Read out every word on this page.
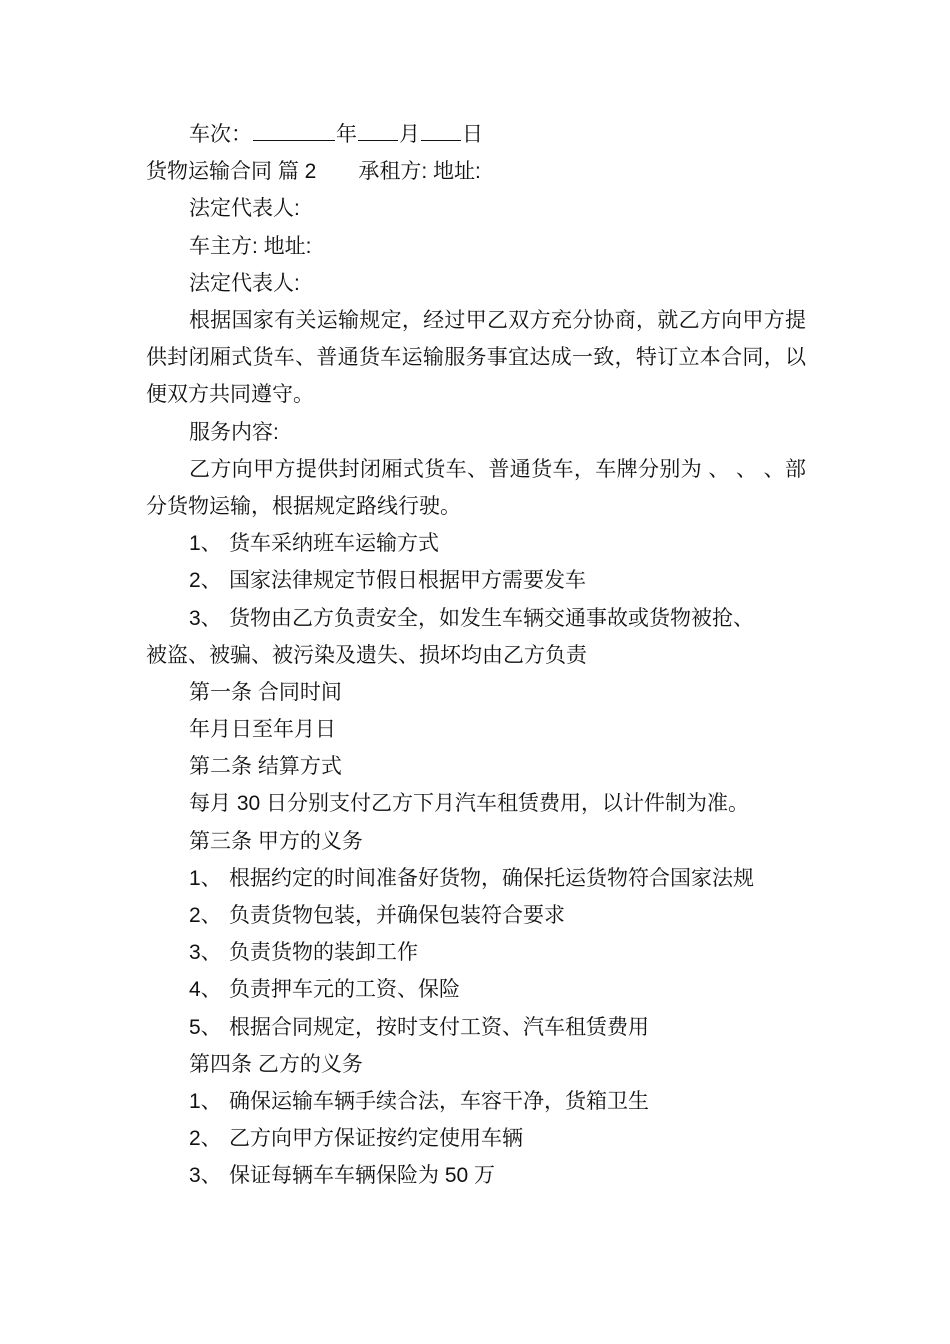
车次：	年 月 日
货物运输合同 篇 2 承租方: 地址:
法定代表人:
车主方: 地址:
法定代表人:
根据国家有关运输规定，经过甲乙双方充分协商，就乙方向甲方提供封闭厢式货车、普通货车运输服务事宜达成一致，特订立本合同，以便双方共同遵守。
服务内容:
乙方向甲方提供封闭厢式货车、普通货车，车牌分别为 、 、 、部分货物运输，根据规定路线行驶。
1、 货车采纳班车运输方式
2、 国家法律规定节假日根据甲方需要发车
3、 货物由乙方负责安全，如发生车辆交通事故或货物被抢、
被盗、被骗、被污染及遗失、损坏均由乙方负责
第一条 合同时间
年月日至年月日
第二条 结算方式
每月 30 日分别支付乙方下月汽车租赁费用，以计件制为准。
第三条 甲方的义务
1、 根据约定的时间准备好货物，确保托运货物符合国家法规
2、 负责货物包装，并确保包装符合要求
3、 负责货物的装卸工作
4、 负责押车元的工资、保险
5、 根据合同规定，按时支付工资、汽车租赁费用
第四条 乙方的义务
1、 确保运输车辆手续合法，车容干净，货箱卫生
2、 乙方向甲方保证按约定使用车辆
3、 保证每辆车车辆保险为 50 万
